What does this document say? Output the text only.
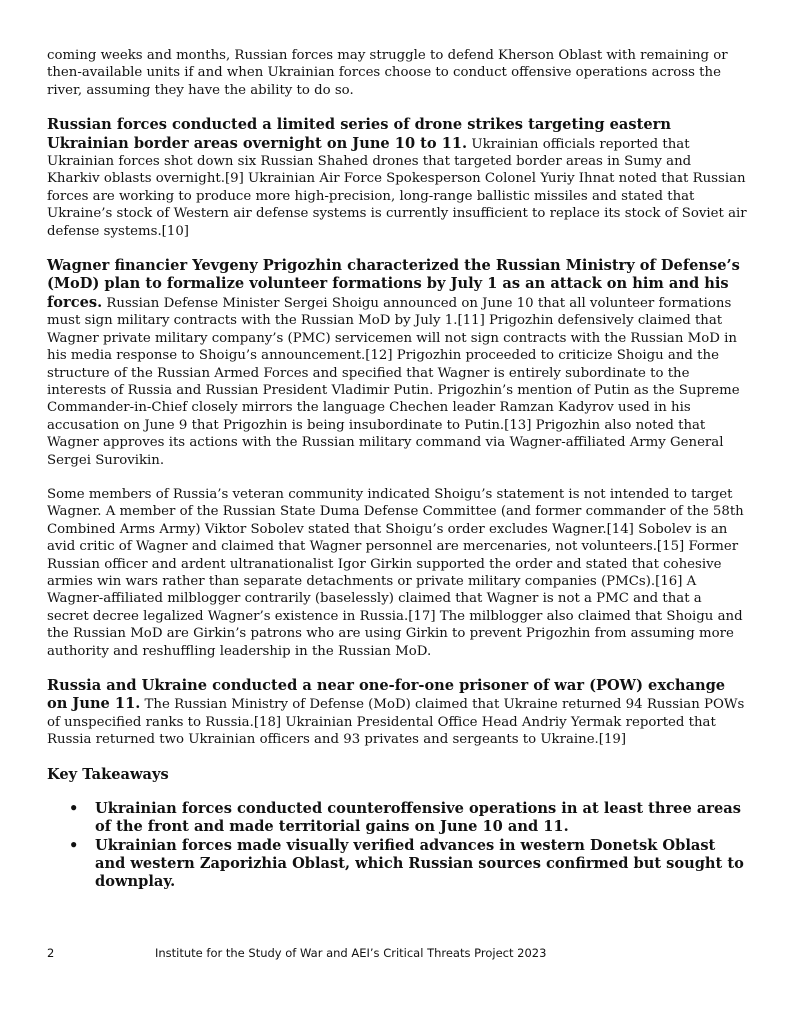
coming weeks and months, Russian forces may struggle to defend Kherson Oblast with remaining or then-available units if and when Ukrainian forces choose to conduct offensive operations across the river, assuming they have the ability to do so.

Russian forces conducted a limited series of drone strikes targeting eastern Ukrainian border areas overnight on June 10 to 11. Ukrainian officials reported that Ukrainian forces shot down six Russian Shahed drones that targeted border areas in Sumy and Kharkiv oblasts overnight.[9] Ukrainian Air Force Spokesperson Colonel Yuriy Ihnat noted that Russian forces are working to produce more high-precision, long-range ballistic missiles and stated that Ukraine’s stock of Western air defense systems is currently insufficient to replace its stock of Soviet air defense systems.[10]

Wagner financier Yevgeny Prigozhin characterized the Russian Ministry of Defense’s (MoD) plan to formalize volunteer formations by July 1 as an attack on him and his forces. Russian Defense Minister Sergei Shoigu announced on June 10 that all volunteer formations must sign military contracts with the Russian MoD by July 1.[11] Prigozhin defensively claimed that Wagner private military company’s (PMC) servicemen will not sign contracts with the Russian MoD in his media response to Shoigu’s announcement.[12] Prigozhin proceeded to criticize Shoigu and the structure of the Russian Armed Forces and specified that Wagner is entirely subordinate to the interests of Russia and Russian President Vladimir Putin. Prigozhin’s mention of Putin as the Supreme Commander-in-Chief closely mirrors the language Chechen leader Ramzan Kadyrov used in his accusation on June 9 that Prigozhin is being insubordinate to Putin.[13] Prigozhin also noted that Wagner approves its actions with the Russian military command via Wagner-affiliated Army General Sergei Surovikin.

Some members of Russia’s veteran community indicated Shoigu’s statement is not intended to target Wagner. A member of the Russian State Duma Defense Committee (and former commander of the 58th Combined Arms Army) Viktor Sobolev stated that Shoigu’s order excludes Wagner.[14] Sobolev is an avid critic of Wagner and claimed that Wagner personnel are mercenaries, not volunteers.[15] Former Russian officer and ardent ultranationalist Igor Girkin supported the order and stated that cohesive armies win wars rather than separate detachments or private military companies (PMCs).[16] A Wagner-affiliated milblogger contrarily (baselessly) claimed that Wagner is not a PMC and that a secret decree legalized Wagner’s existence in Russia.[17] The milblogger also claimed that Shoigu and the Russian MoD are Girkin’s patrons who are using Girkin to prevent Prigozhin from assuming more authority and reshuffling leadership in the Russian MoD.

Russia and Ukraine conducted a near one-for-one prisoner of war (POW) exchange on June 11. The Russian Ministry of Defense (MoD) claimed that Ukraine returned 94 Russian POWs of unspecified ranks to Russia.[18] Ukrainian Presidental Office Head Andriy Yermak reported that Russia returned two Ukrainian officers and 93 privates and sergeants to Ukraine.[19]

Key Takeaways
• Ukrainian forces conducted counteroffensive operations in at least three areas of the front and made territorial gains on June 10 and 11.
• Ukrainian forces made visually verified advances in western Donetsk Oblast and western Zaporizhia Oblast, which Russian sources confirmed but sought to downplay.
2	Institute for the Study of War and AEI’s Critical Threats Project 2023
